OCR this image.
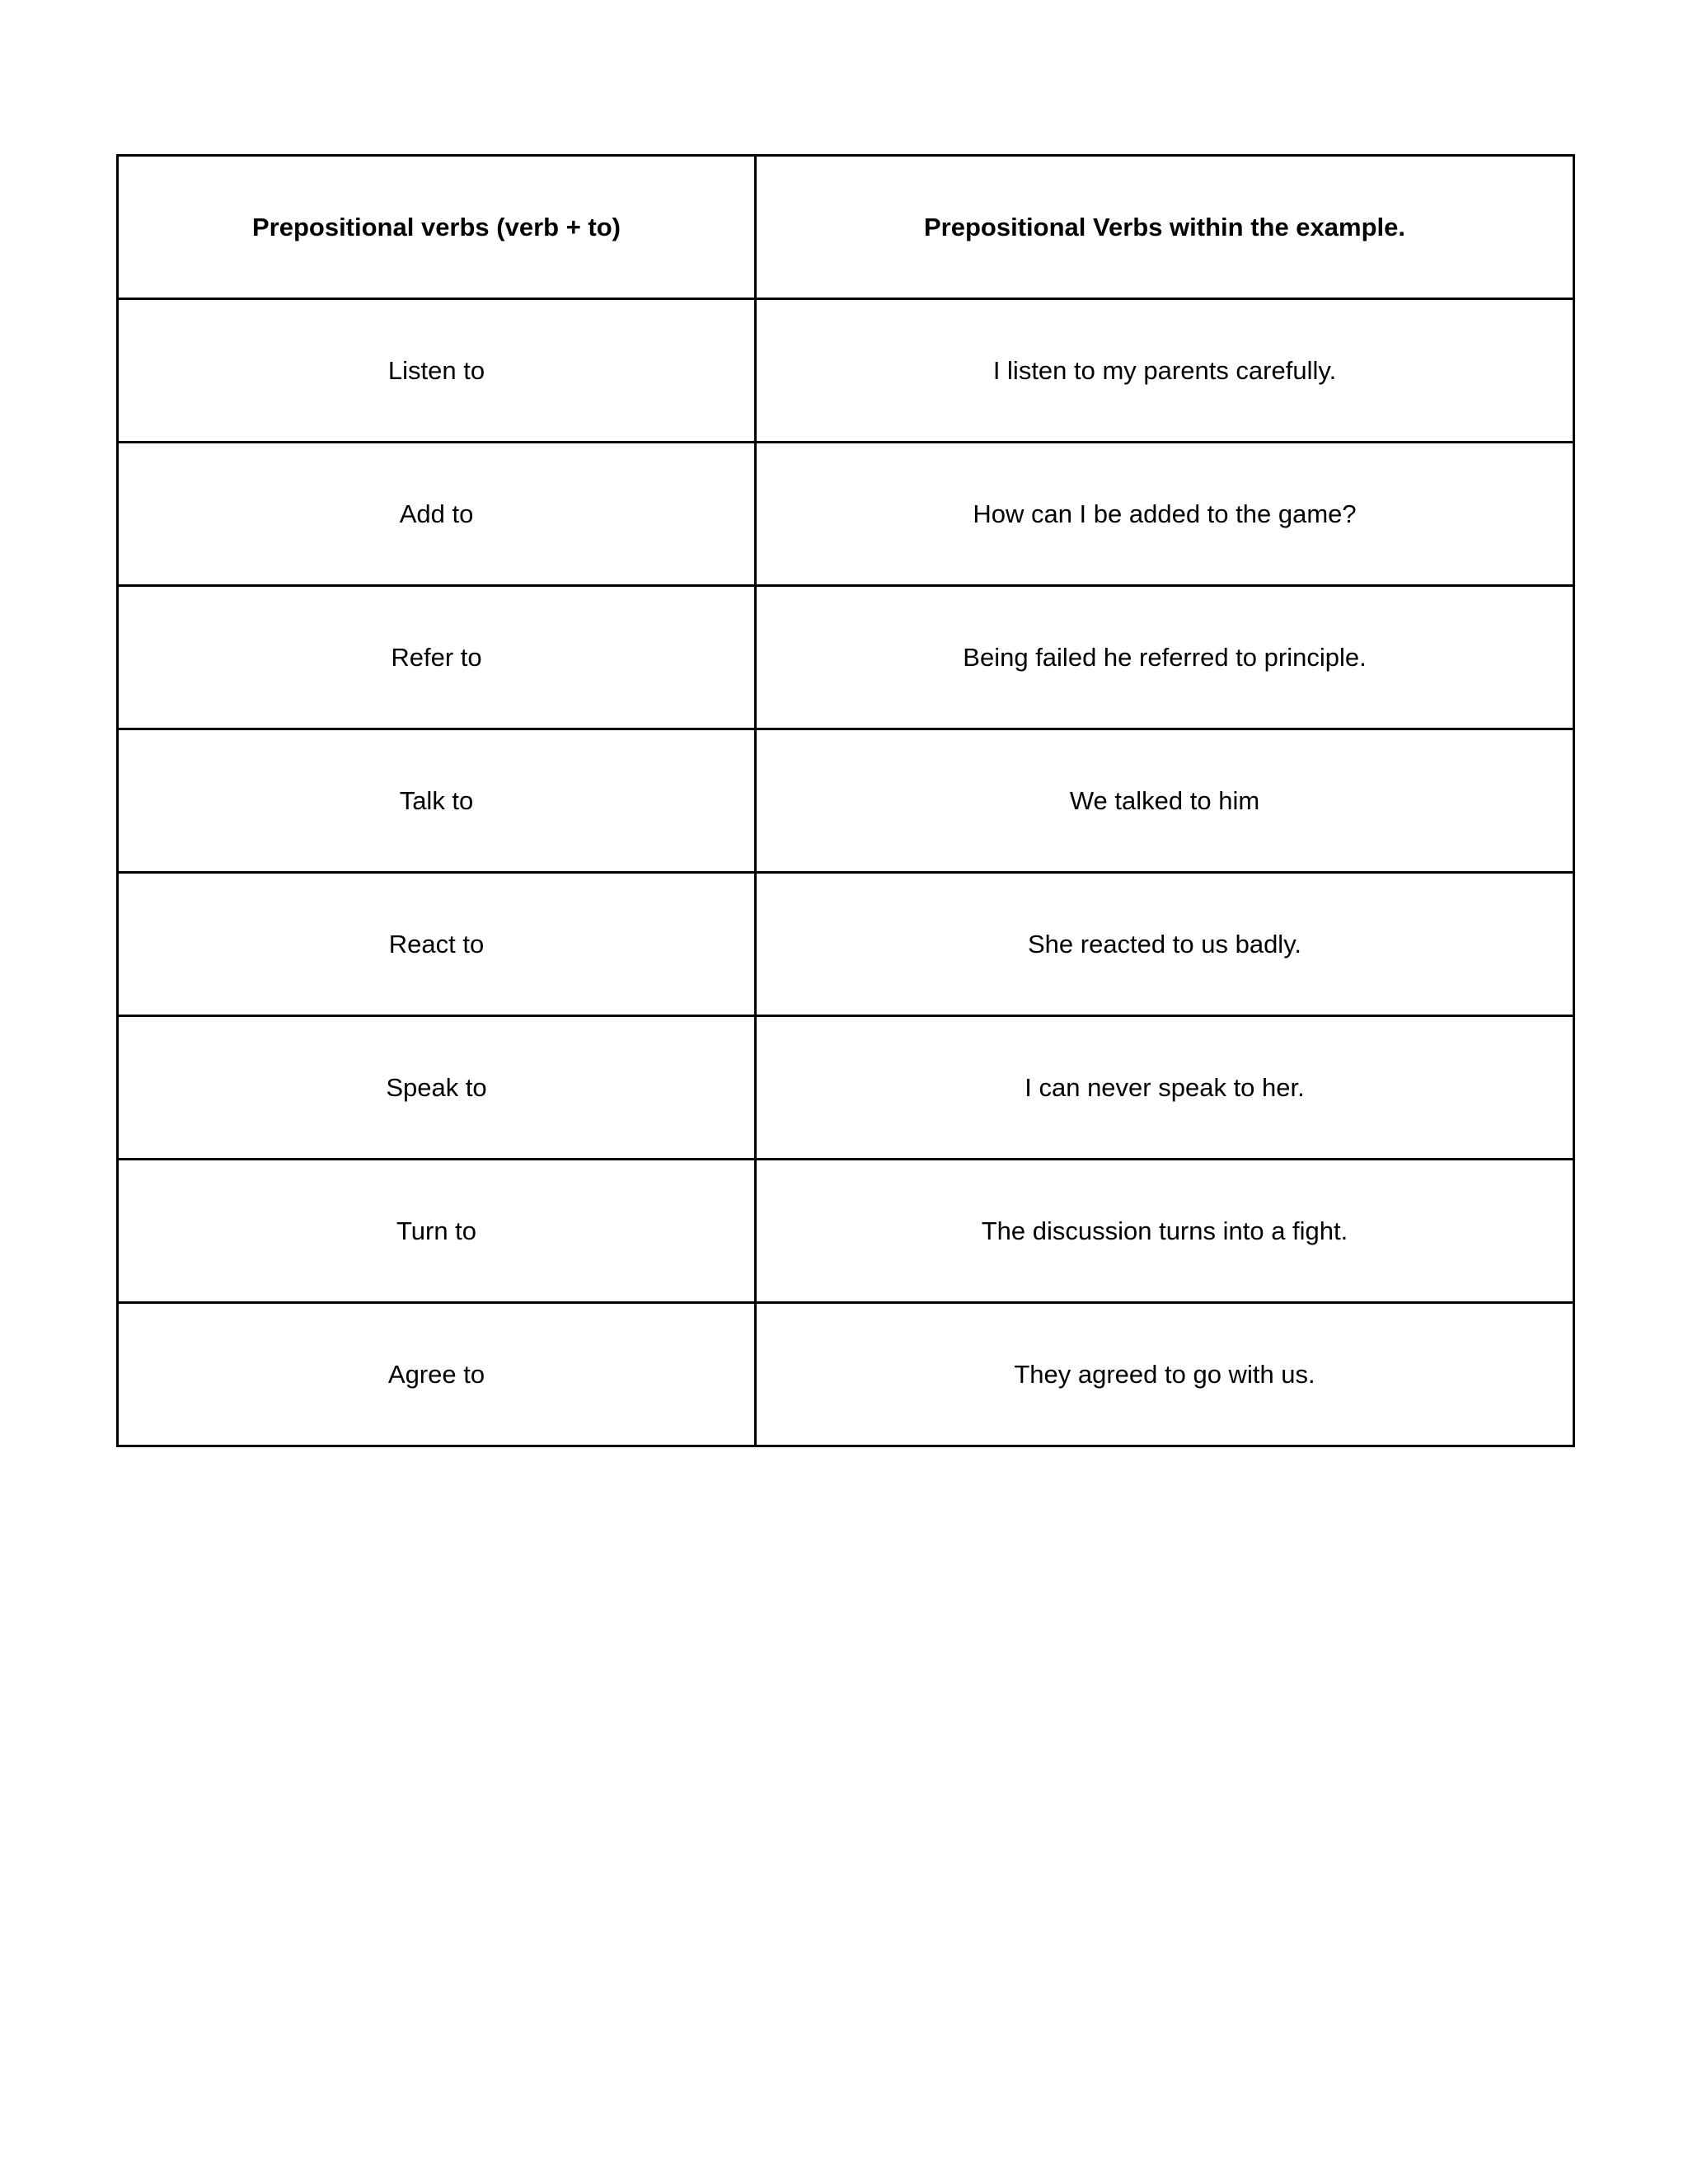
Prepositional verbs (verb + to)	Prepositional Verbs within the example.
Listen to	I listen to my parents carefully.
Add to	How can I be added to the game?
Refer to	Being failed he referred to principle.
Talk to	We talked to him
React to	She reacted to us badly.
Speak to	I can never speak to her.
Turn to	The discussion turns into a fight.
Agree to	They agreed to go with us.
